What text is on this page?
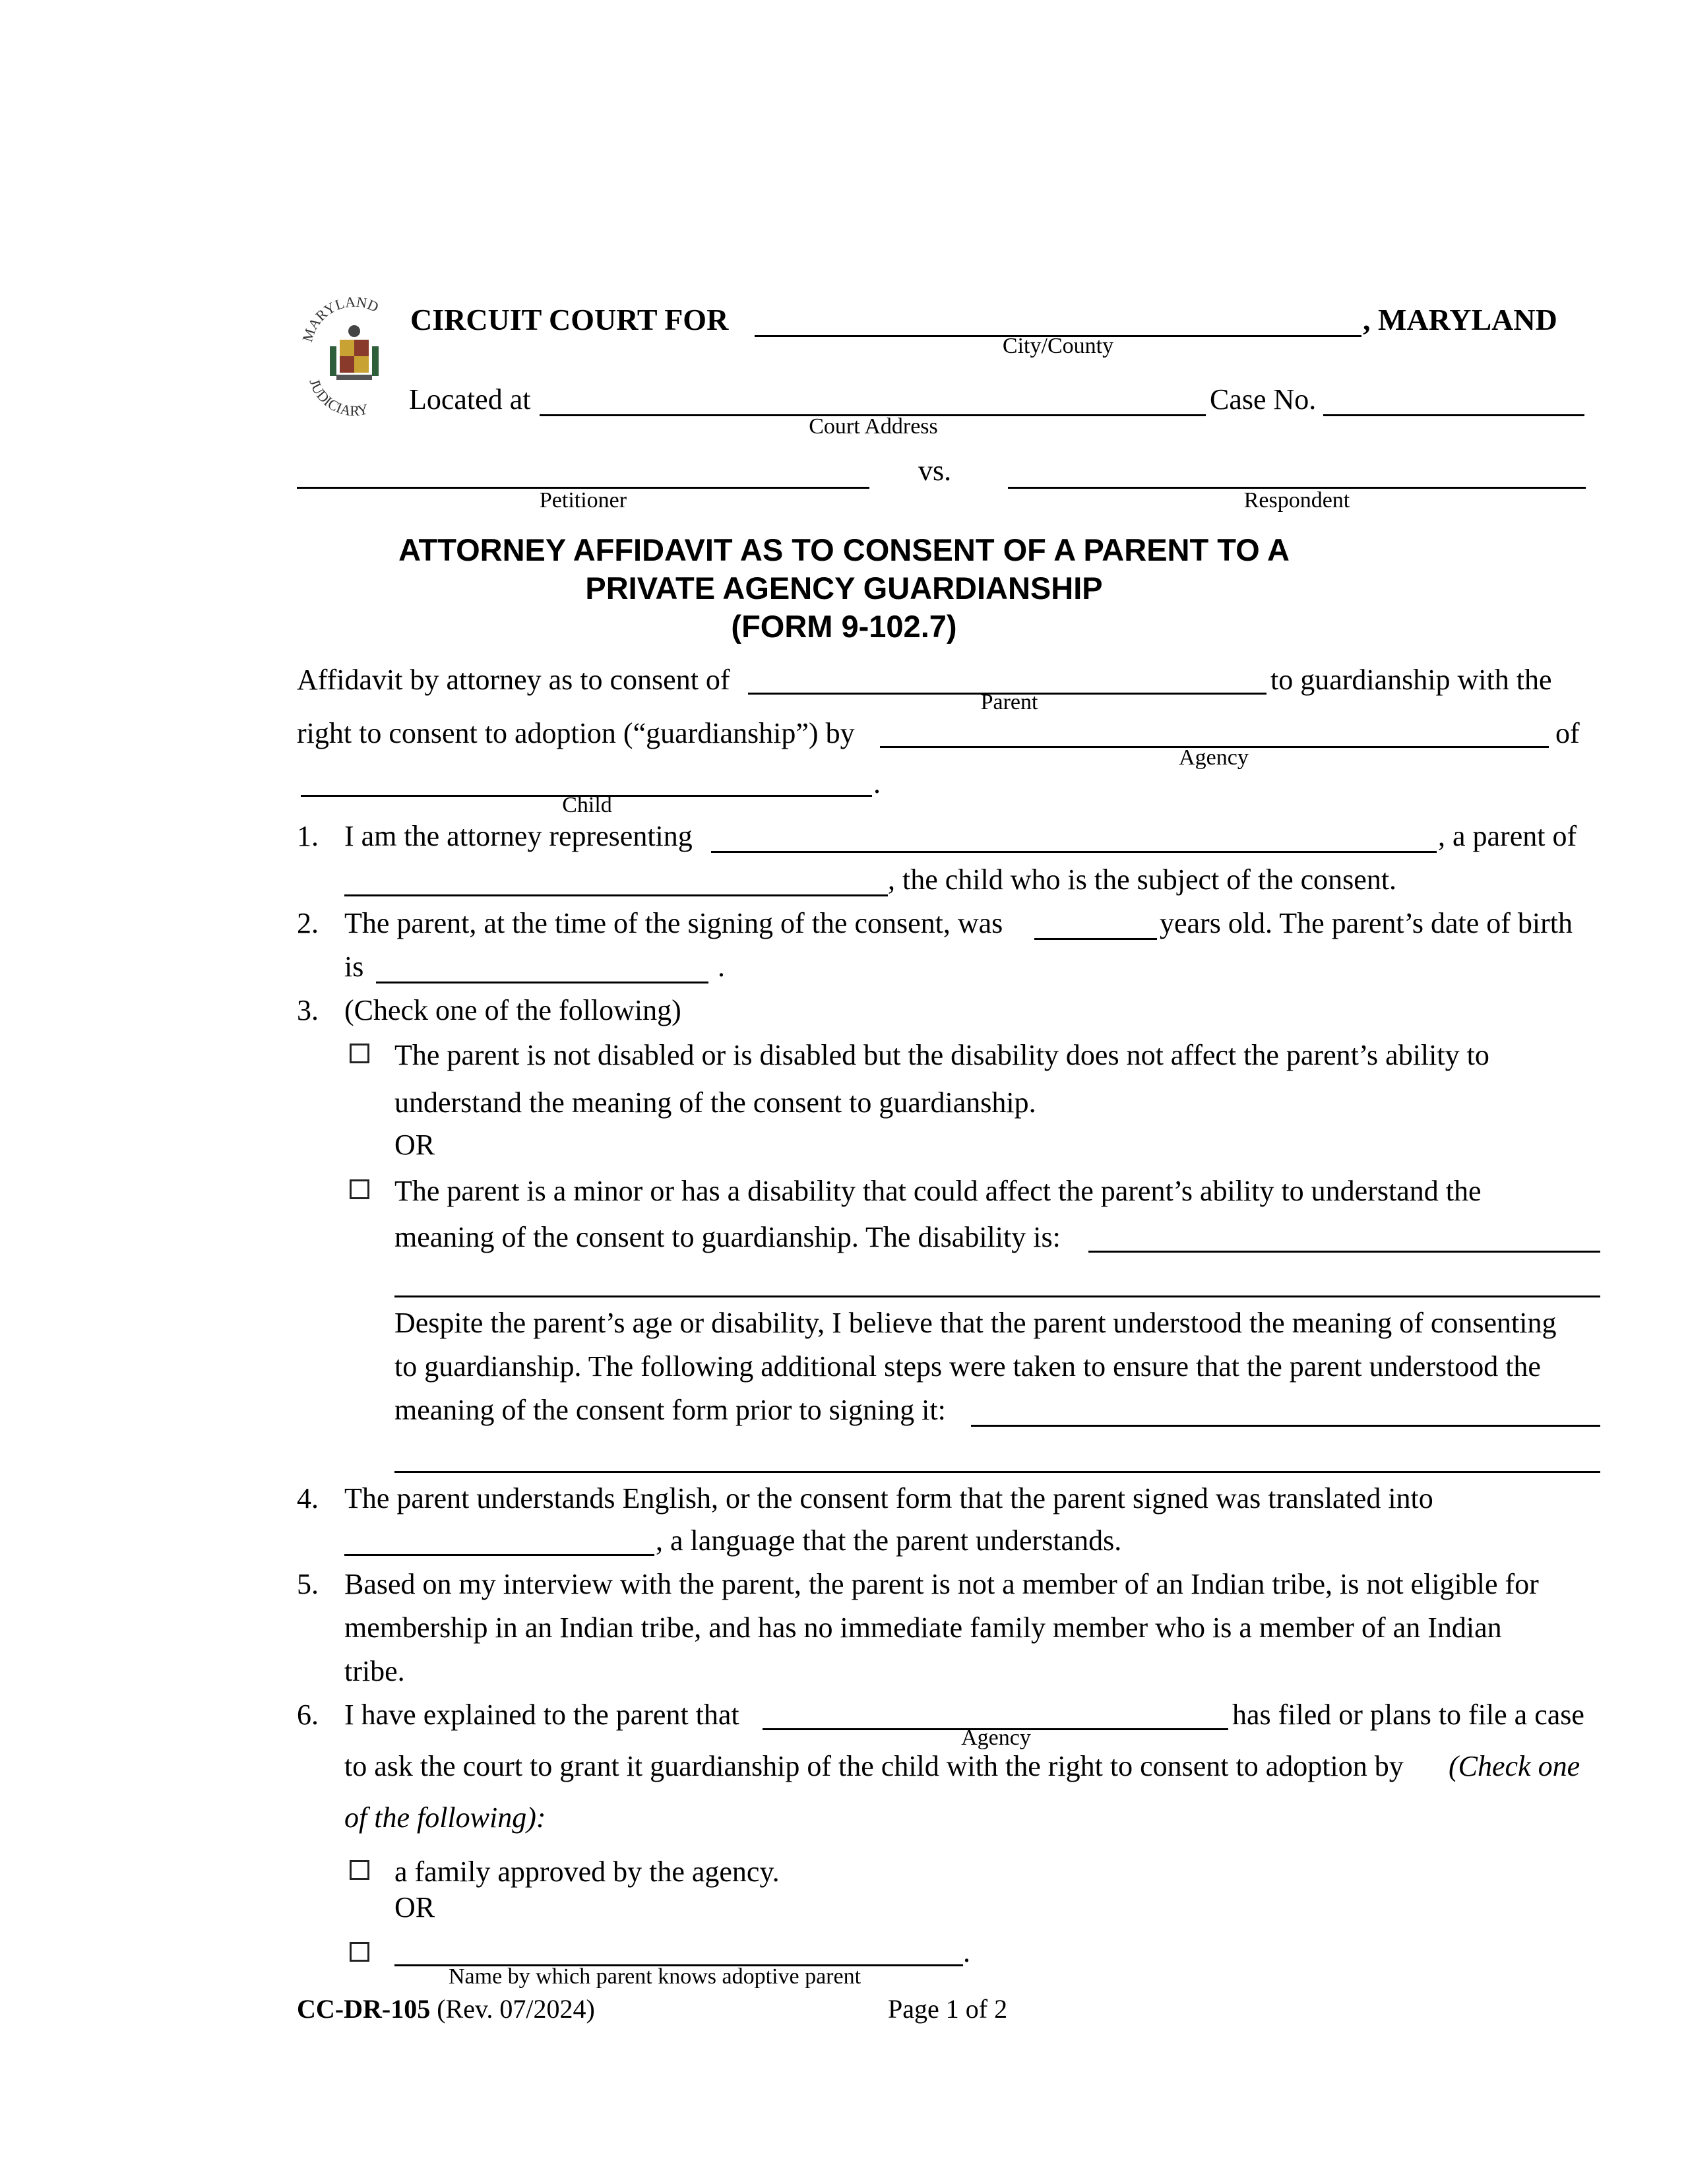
MARYLAND
JUDICIARY
CIRCUIT COURT FOR	, MARYLAND
City/County
Located at	Case No.
Court Address
vs.
Petitioner	Respondent
ATTORNEY AFFIDAVIT AS TO CONSENT OF A PARENT TO A
PRIVATE AGENCY GUARDIANSHIP
(FORM 9-102.7)
Affidavit by attorney as to consent of	to guardianship with the
Parent
right to consent to adoption (“guardianship”) by	of
Agency
.
Child
1. I am the attorney representing	, a parent of
, the child who is the subject of the consent.
2. The parent, at the time of the signing of the consent, was	years old. The parent’s date of birth
is	.
3. (Check one of the following)
The parent is not disabled or is disabled but the disability does not affect the parent’s ability to
understand the meaning of the consent to guardianship.
OR
The parent is a minor or has a disability that could affect the parent’s ability to understand the
meaning of the consent to guardianship. The disability is:
Despite the parent’s age or disability, I believe that the parent understood the meaning of consenting
to guardianship. The following additional steps were taken to ensure that the parent understood the
meaning of the consent form prior to signing it:
4. The parent understands English, or the consent form that the parent signed was translated into
, a language that the parent understands.
5. Based on my interview with the parent, the parent is not a member of an Indian tribe, is not eligible for
membership in an Indian tribe, and has no immediate family member who is a member of an Indian
tribe.
6. I have explained to the parent that	has filed or plans to file a case
Agency
to ask the court to grant it guardianship of the child with the right to consent to adoption by (Check one
of the following):
a family approved by the agency.
OR
.
Name by which parent knows adoptive parent
CC-DR-105 (Rev. 07/2024)	Page 1 of 2
